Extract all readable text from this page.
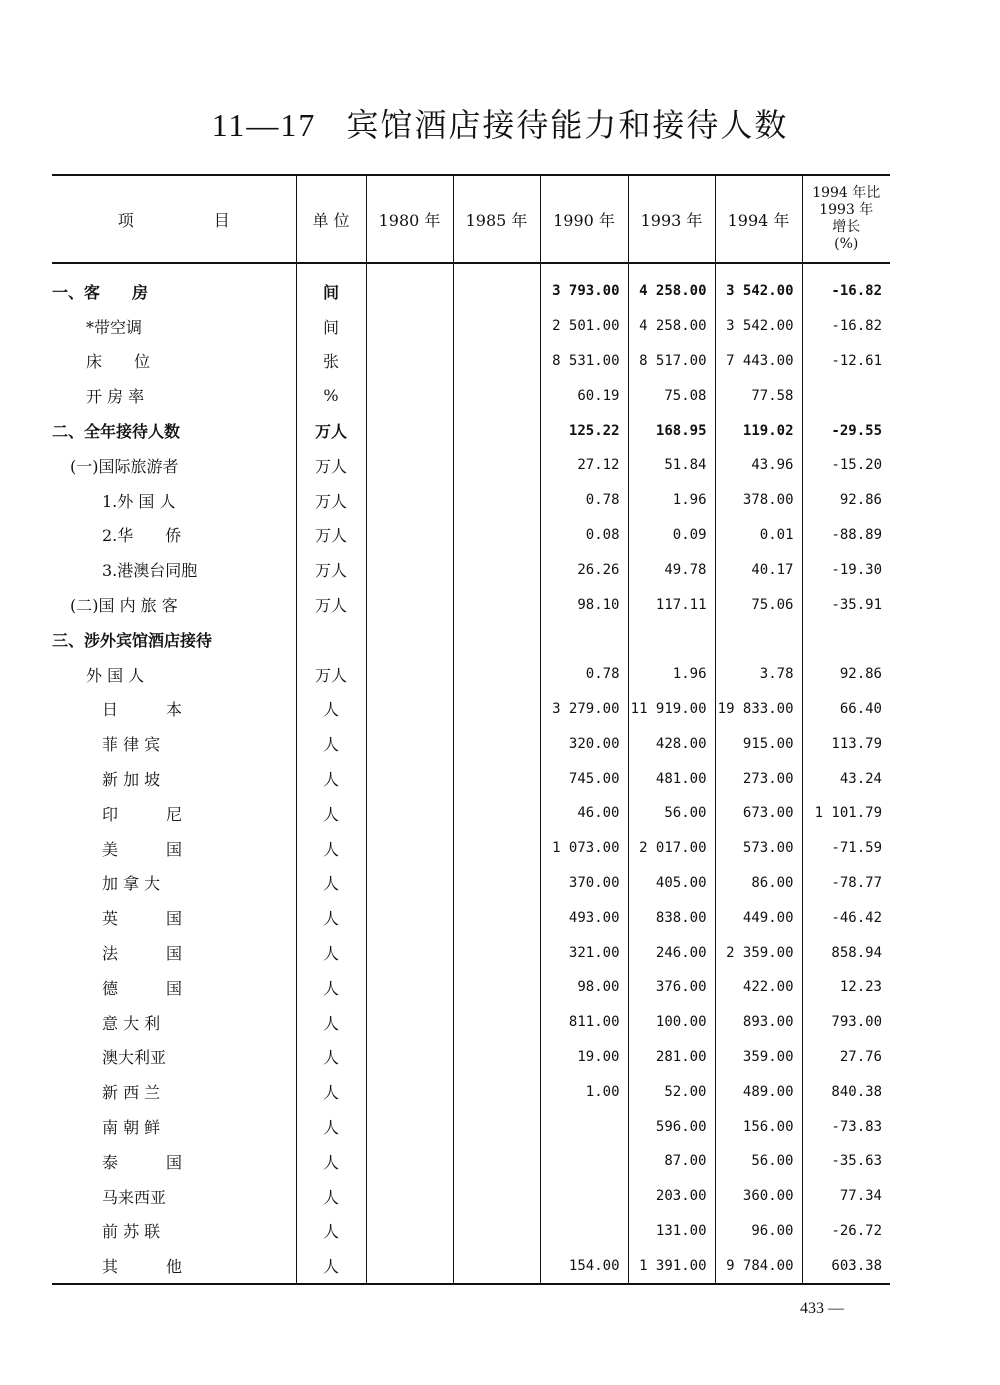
11—17 宾馆酒店接待能力和接待人数
项　　　　　目	单 位	1980 年	1985 年	1990 年	1993 年	1994 年	1994 年比
1993 年
增长
(%)

一、客　　房	间			3 793.00	4 258.00	3 542.00	-16.82
*带空调	间			2 501.00	4 258.00	3 542.00	-16.82
床　　位	张			8 531.00	8 517.00	7 443.00	-12.61
开 房 率	%			60.19	75.08	77.58	
二、全年接待人数	万人			125.22	168.95	119.02	-29.55
(一)国际旅游者	万人			27.12	51.84	43.96	-15.20
1.外 国 人	万人			0.78	1.96	378.00	92.86
2.华　　侨	万人			0.08	0.09	0.01	-88.89
3.港澳台同胞	万人			26.26	49.78	40.17	-19.30
(二)国 内 旅 客	万人			98.10	117.11	75.06	-35.91
三、涉外宾馆酒店接待							
外 国 人	万人			0.78	1.96	3.78	92.86
日　　　本	人			3 279.00	11 919.00	19 833.00	66.40
菲 律 宾	人			320.00	428.00	915.00	113.79
新 加 坡	人			745.00	481.00	273.00	43.24
印　　　尼	人			46.00	56.00	673.00	1 101.79
美　　　国	人			1 073.00	2 017.00	573.00	-71.59
加 拿 大	人			370.00	405.00	86.00	-78.77
英　　　国	人			493.00	838.00	449.00	-46.42
法　　　国	人			321.00	246.00	2 359.00	858.94
德　　　国	人			98.00	376.00	422.00	12.23
意 大 利	人			811.00	100.00	893.00	793.00
澳大利亚	人			19.00	281.00	359.00	27.76
新 西 兰	人			1.00	52.00	489.00	840.38
南 朝 鲜	人				596.00	156.00	-73.83
泰　　　国	人				87.00	56.00	-35.63
马来西亚	人				203.00	360.00	77.34
前 苏 联	人				131.00	96.00	-26.72
其　　　他	人			154.00	1 391.00	9 784.00	603.38
433 —
